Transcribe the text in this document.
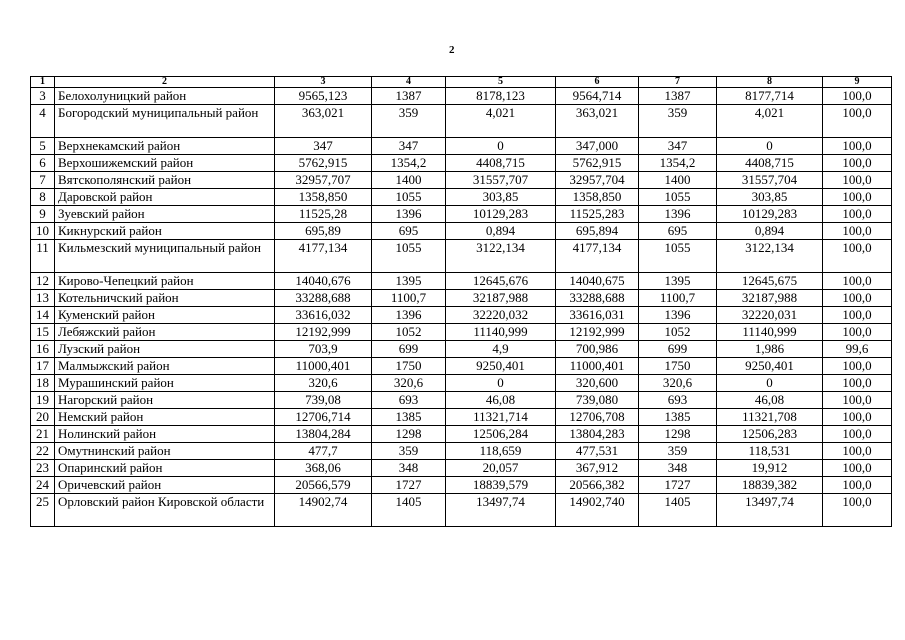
2
1	2	3	4	5	6	7	8	9
3	Белохолуницкий район	9565,123	1387	8178,123	9564,714	1387	8177,714	100,0
4	Богородский муниципальный район	363,021	359	4,021	363,021	359	4,021	100,0
5	Верхнекамский район	347	347	0	347,000	347	0	100,0
6	Верхошижемский район	5762,915	1354,2	4408,715	5762,915	1354,2	4408,715	100,0
7	Вятскополянский район	32957,707	1400	31557,707	32957,704	1400	31557,704	100,0
8	Даровской район	1358,850	1055	303,85	1358,850	1055	303,85	100,0
9	Зуевский район	11525,28	1396	10129,283	11525,283	1396	10129,283	100,0
10	Кикнурский район	695,89	695	0,894	695,894	695	0,894	100,0
11	Кильмезский муниципальный район	4177,134	1055	3122,134	4177,134	1055	3122,134	100,0
12	Кирово-Чепецкий район	14040,676	1395	12645,676	14040,675	1395	12645,675	100,0
13	Котельничский район	33288,688	1100,7	32187,988	33288,688	1100,7	32187,988	100,0
14	Куменский район	33616,032	1396	32220,032	33616,031	1396	32220,031	100,0
15	Лебяжский район	12192,999	1052	11140,999	12192,999	1052	11140,999	100,0
16	Лузский район	703,9	699	4,9	700,986	699	1,986	99,6
17	Малмыжский район	11000,401	1750	9250,401	11000,401	1750	9250,401	100,0
18	Мурашинский район	320,6	320,6	0	320,600	320,6	0	100,0
19	Нагорский район	739,08	693	46,08	739,080	693	46,08	100,0
20	Немский район	12706,714	1385	11321,714	12706,708	1385	11321,708	100,0
21	Нолинский район	13804,284	1298	12506,284	13804,283	1298	12506,283	100,0
22	Омутнинский район	477,7	359	118,659	477,531	359	118,531	100,0
23	Опаринский район	368,06	348	20,057	367,912	348	19,912	100,0
24	Оричевский район	20566,579	1727	18839,579	20566,382	1727	18839,382	100,0
25	Орловский район Кировской области	14902,74	1405	13497,74	14902,740	1405	13497,74	100,0
